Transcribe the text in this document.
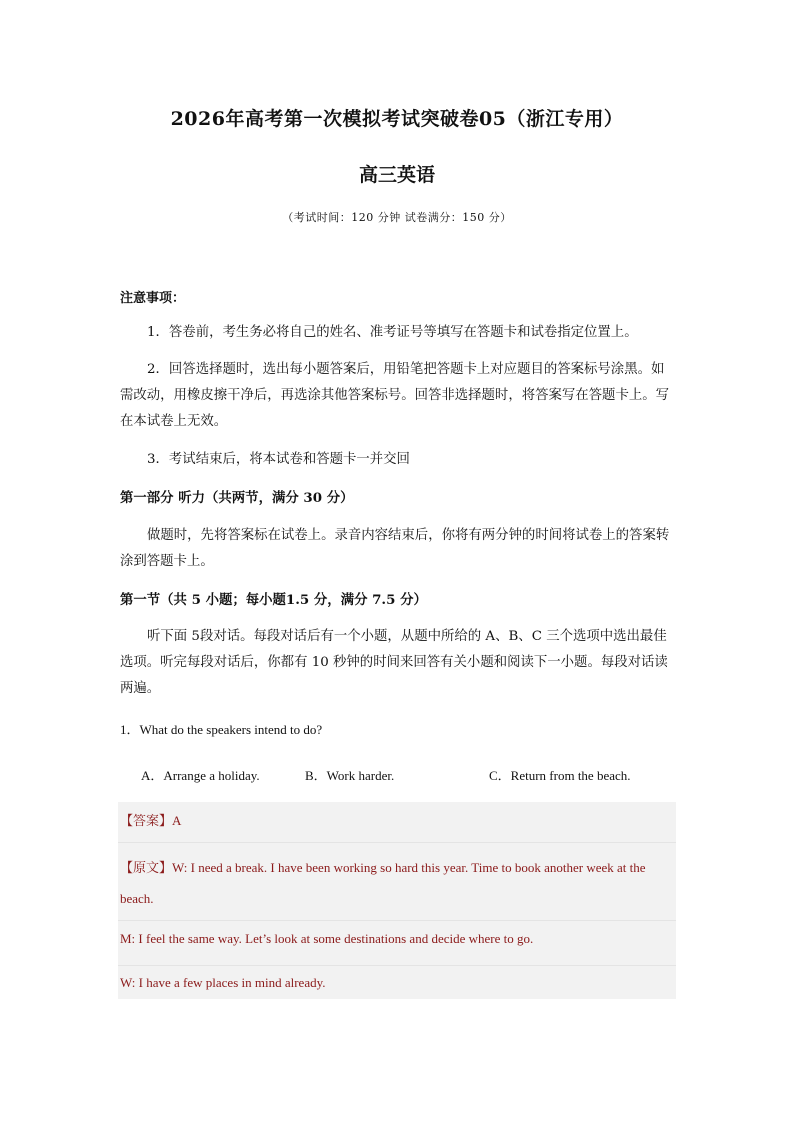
2026年高考第一次模拟考试突破卷05（浙江专用）
高三英语
（考试时间：120 分钟 试卷满分：150 分）
注意事项：
1．答卷前，考生务必将自己的姓名、准考证号等填写在答题卡和试卷指定位置上。
2．回答选择题时，选出每小题答案后，用铅笔把答题卡上对应题目的答案标号涂黑。如需改动，用橡皮擦干净后，再选涂其他答案标号。回答非选择题时，将答案写在答题卡上。写在本试卷上无效。
3．考试结束后，将本试卷和答题卡一并交回
第一部分 听力（共两节，满分 30 分）
做题时，先将答案标在试卷上。录音内容结束后，你将有两分钟的时间将试卷上的答案转涂到答题卡上。
第一节（共 5 小题；每小题1.5 分，满分 7.5 分）
听下面 5段对话。每段对话后有一个小题，从题中所给的 A、B、C 三个选项中选出最佳选项。听完每段对话后，你都有 10 秒钟的时间来回答有关小题和阅读下一小题。每段对话读两遍。
1．What do the speakers intend to do?
A．Arrange a holiday.	B．Work harder.	C．Return from the beach.
【答案】A
【原文】W: I need a break. I have been working so hard this year. Time to book another week at the beach.
M: I feel the same way. Let’s look at some destinations and decide where to go.
W: I have a few places in mind already.
